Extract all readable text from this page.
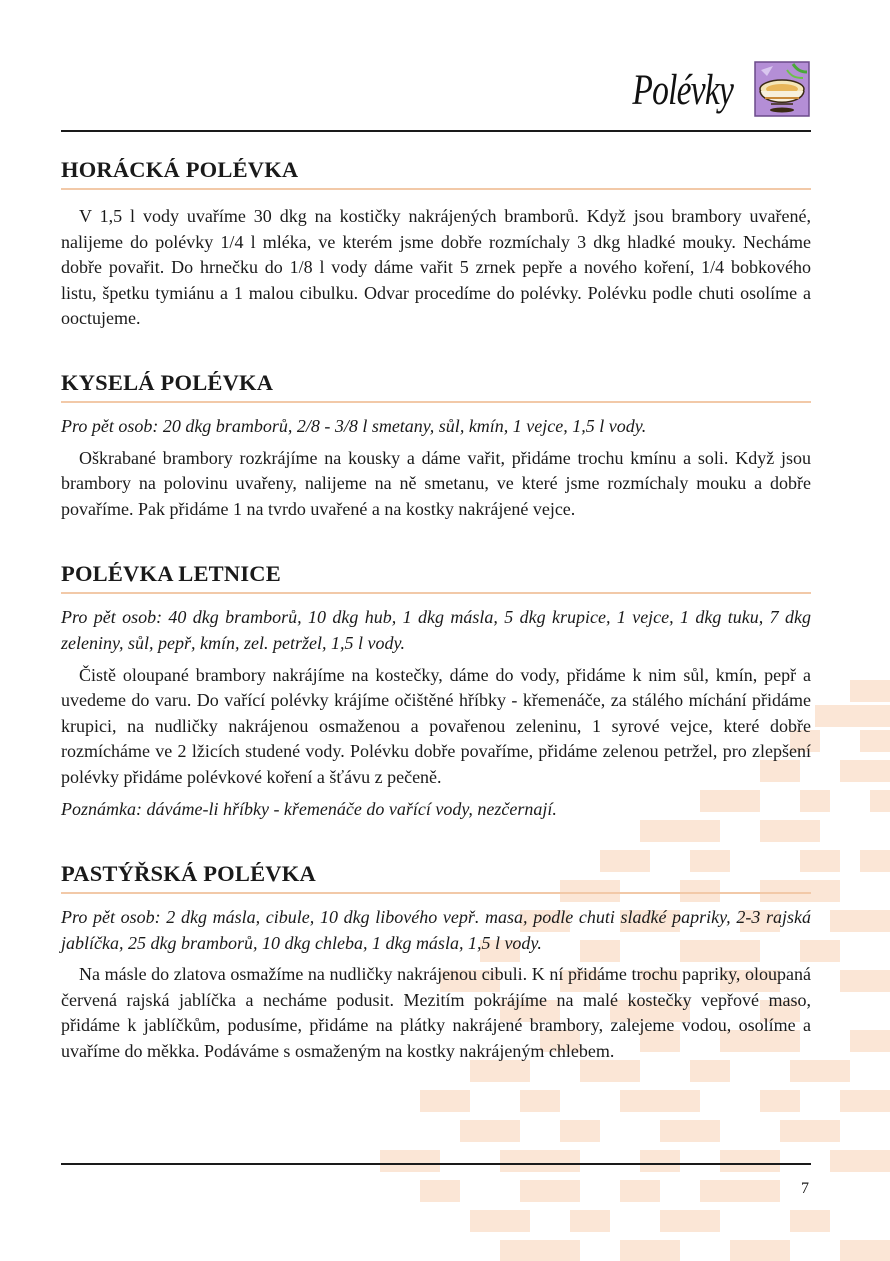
Polévky
HORÁCKÁ POLÉVKA

V 1,5 l vody uvaříme 30 dkg na kostičky nakrájených bramborů. Když jsou brambory uvařené, nalijeme do polévky 1/4 l mléka, ve kterém jsme dobře rozmíchaly 3 dkg hladké mouky. Necháme dobře povařit. Do hrnečku do 1/8 l vody dáme vařit 5 zrnek pepře a nového koření, 1/4 bobkového listu, špetku tymiánu a 1 malou cibulku. Odvar procedíme do polévky. Polévku podle chuti osolíme a ooctujeme.

KYSELÁ POLÉVKA

Pro pět osob: 20 dkg bramborů, 2/8 - 3/8 l smetany, sůl, kmín, 1 vejce, 1,5 l vody.

Oškrabané brambory rozkrájíme na kousky a dáme vařit, přidáme trochu kmínu a soli. Když jsou brambory na polovinu uvařeny, nalijeme na ně smetanu, ve které jsme rozmíchaly mouku a dobře povaříme. Pak přidáme 1 na tvrdo uvařené a na kostky nakrájené vejce.

POLÉVKA LETNICE

Pro pět osob: 40 dkg bramborů, 10 dkg hub, 1 dkg másla, 5 dkg krupice, 1 vejce, 1 dkg tuku, 7 dkg zeleniny, sůl, pepř, kmín, zel. petržel, 1,5 l vody.

Čistě oloupané brambory nakrájíme na kostečky, dáme do vody, přidáme k nim sůl, kmín, pepř a uvedeme do varu. Do vařící polévky krájíme očištěné hříbky - křemenáče, za stálého míchání přidáme krupici, na nudličky nakrájenou osmaženou a povařenou zeleninu, 1 syrové vejce, které dobře rozmícháme ve 2 lžicích studené vody. Polévku dobře povaříme, přidáme zelenou petržel, pro zlepšení polévky přidáme polévkové koření a šťávu z pečeně.

Poznámka: dáváme-li hříbky - křemenáče do vařící vody, nezčernají.

PASTÝŘSKÁ POLÉVKA

Pro pět osob: 2 dkg másla, cibule, 10 dkg libového vepř. masa, podle chuti sladké papriky, 2-3 rajská jablíčka, 25 dkg bramborů, 10 dkg chleba, 1 dkg másla, 1,5 l vody.

Na másle do zlatova osmažíme na nudličky nakrájenou cibuli. K ní přidáme trochu papriky, oloupaná červená rajská jablíčka a necháme podusit. Mezitím pokrájíme na malé kostečky vepřové maso, přidáme k jablíčkům, podusíme, přidáme na plátky nakrájené brambory, zalejeme vodou, osolíme a uvaříme do měkka. Podáváme s osmaženým na kostky nakrájeným chlebem.

7
